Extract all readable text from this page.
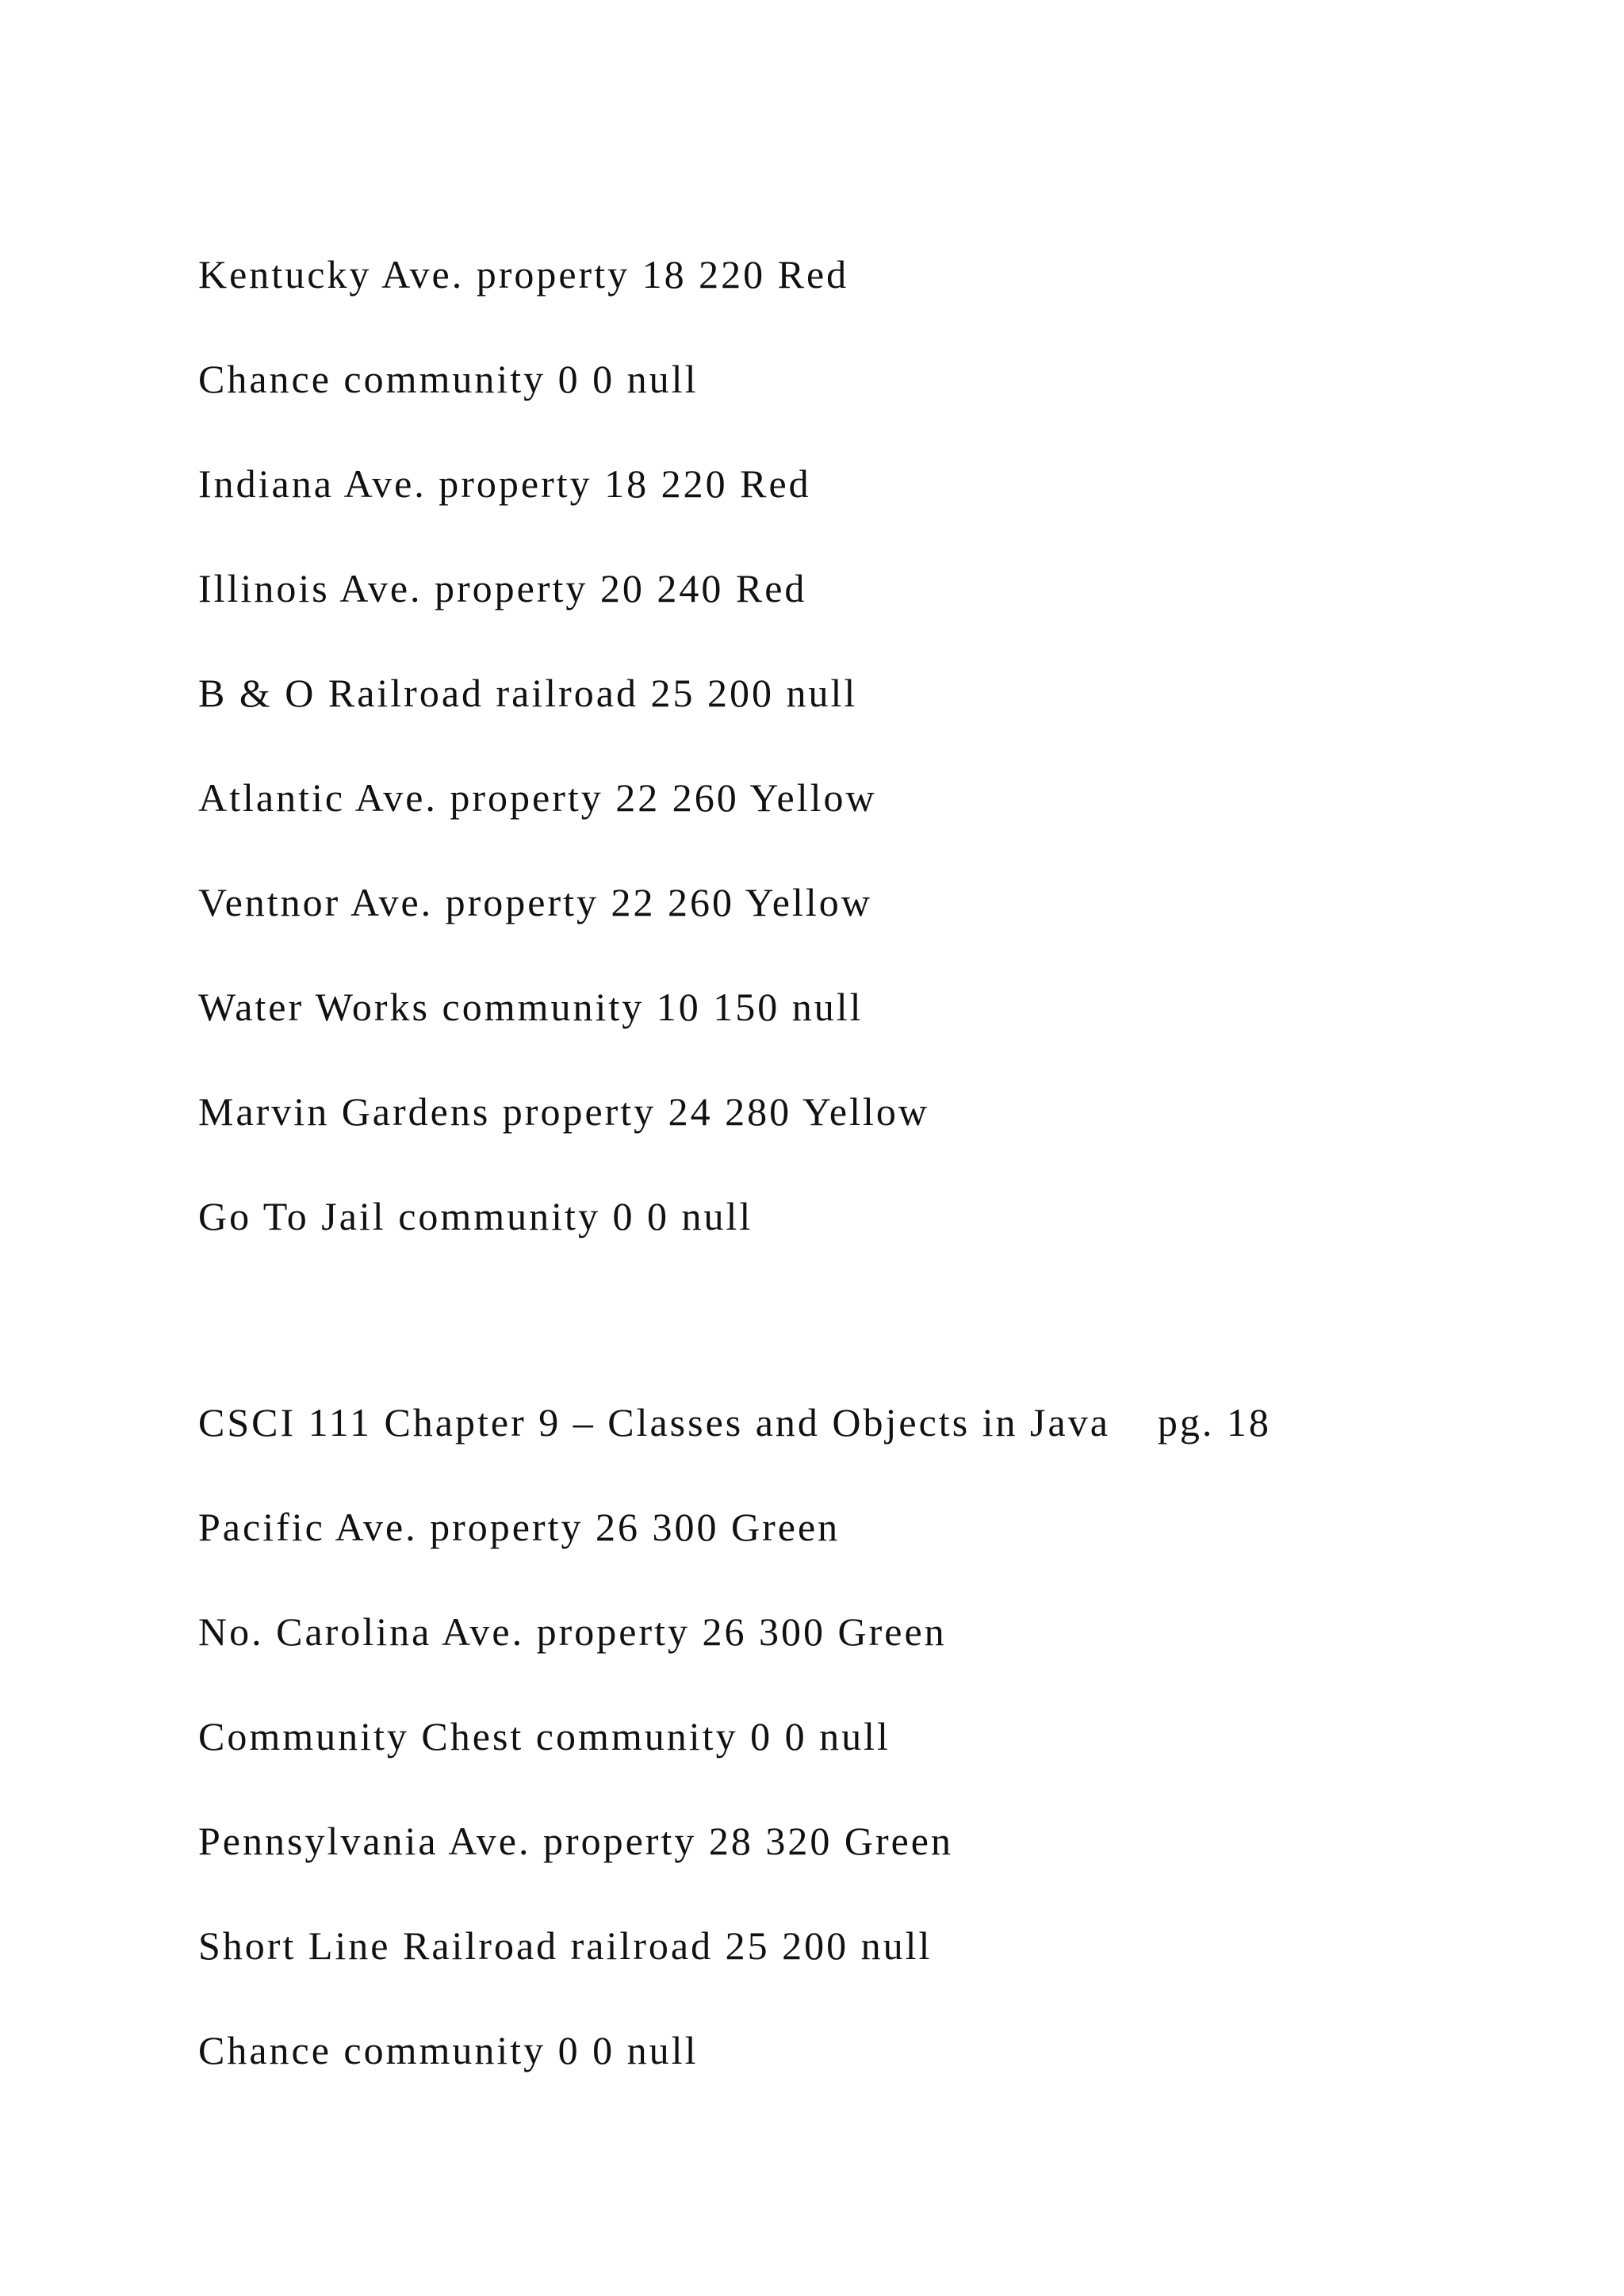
Kentucky Ave. property 18 220 Red
Chance community 0 0 null
Indiana Ave. property 18 220 Red
Illinois Ave. property 20 240 Red
B & O Railroad railroad 25 200 null
Atlantic Ave. property 22 260 Yellow
Ventnor Ave. property 22 260 Yellow
Water Works community 10 150 null
Marvin Gardens property 24 280 Yellow
Go To Jail community 0 0 null
CSCI 111 Chapter 9 – Classes and Objects in Java pg. 18
Pacific Ave. property 26 300 Green
No. Carolina Ave. property 26 300 Green
Community Chest community 0 0 null
Pennsylvania Ave. property 28 320 Green
Short Line Railroad railroad 25 200 null
Chance community 0 0 null
